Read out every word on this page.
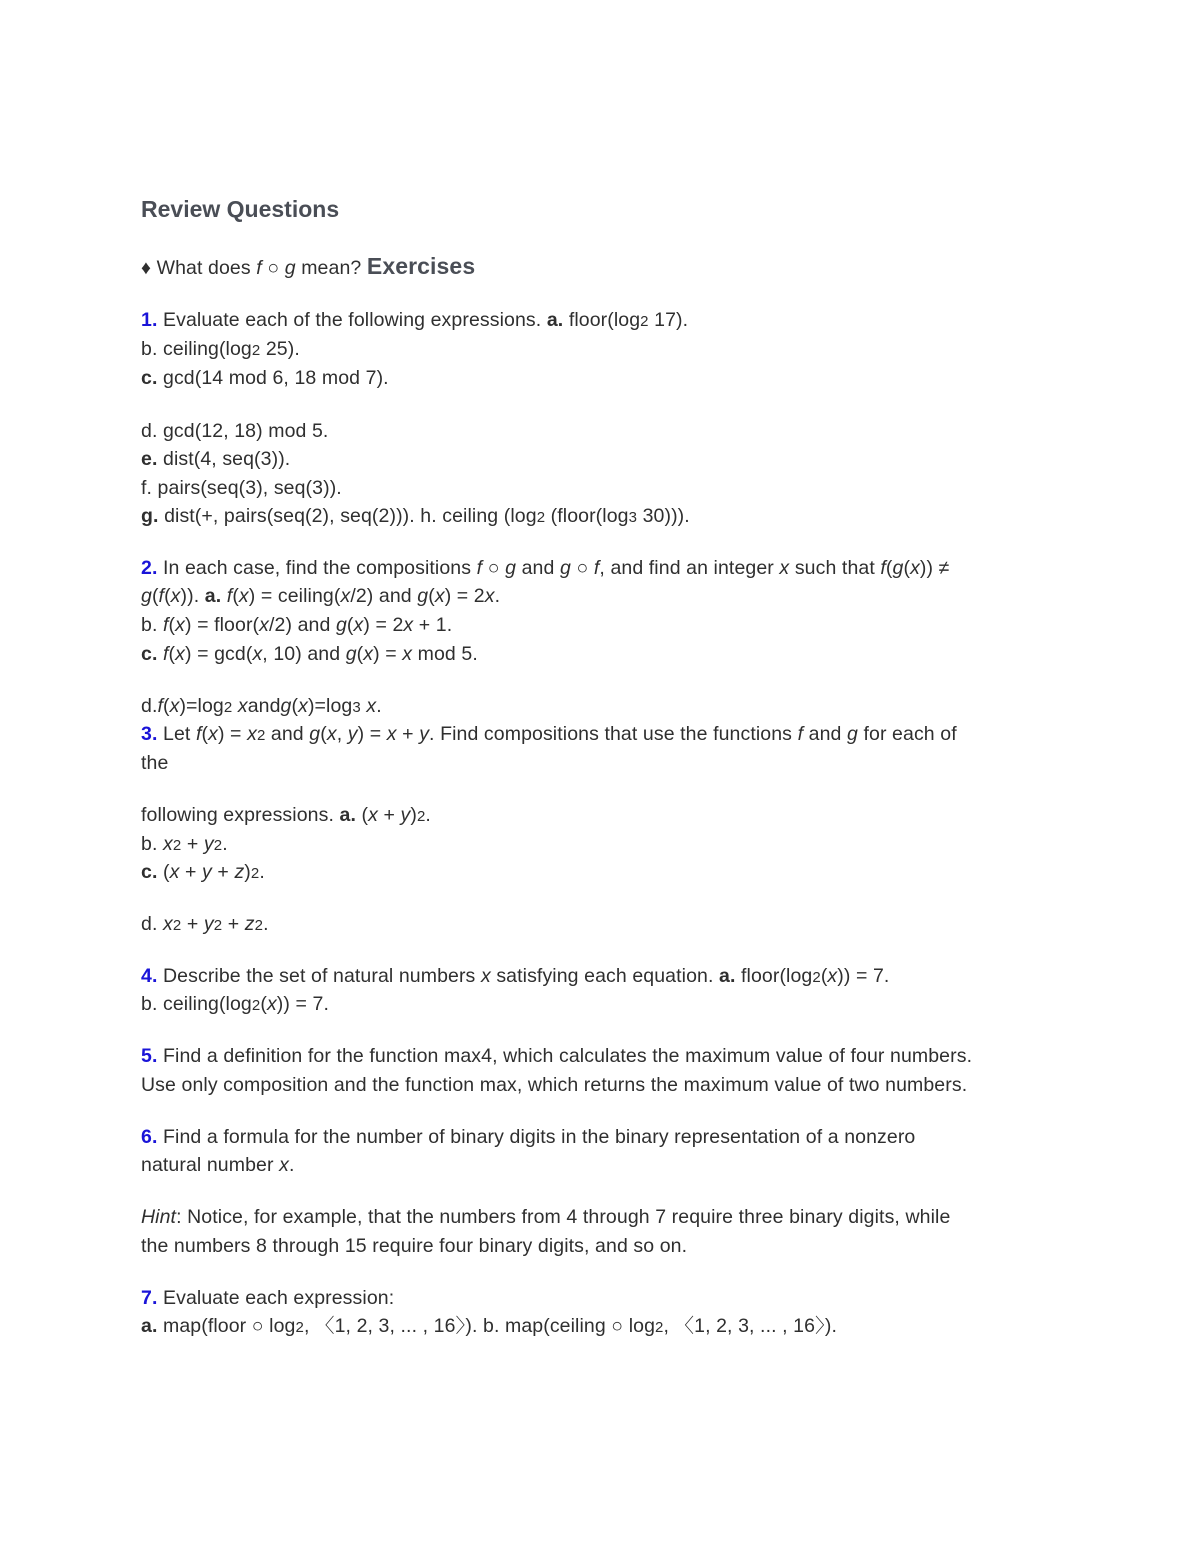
Review Questions

♦ What does f ○ g mean? Exercises

1. Evaluate each of the following expressions. a. floor(log2 17).

b. ceiling(log2 25).

c. gcd(14 mod 6, 18 mod 7).

d. gcd(12, 18) mod 5.

e. dist(4, seq(3)).

f. pairs(seq(3), seq(3)).

g. dist(+, pairs(seq(2), seq(2))). h. ceiling (log2 (floor(log3 30))).

2. In each case, find the compositions f ○ g and g ○ f, and find an integer x such that f(g(x)) ≠

g(f(x)). a. f(x) = ceiling(x/2) and g(x) = 2x.

b. f(x) = floor(x/2) and g(x) = 2x + 1.

c. f(x) = gcd(x, 10) and g(x) = x mod 5.

d.f(x)=log2 xandg(x)=log3 x.

3. Let f(x) = x2 and g(x, y) = x + y. Find compositions that use the functions f and g for each of

the

following expressions. a. (x + y)2.

b. x2 + y2.

c. (x + y + z)2.

d. x2 + y2 + z2.

4. Describe the set of natural numbers x satisfying each equation. a. floor(log2(x)) = 7.

b. ceiling(log2(x)) = 7.

5. Find a definition for the function max4, which calculates the maximum value of four numbers.

Use only composition and the function max, which returns the maximum value of two numbers.

6. Find a formula for the number of binary digits in the binary representation of a nonzero

natural number x.

Hint: Notice, for example, that the numbers from 4 through 7 require three binary digits, while

the numbers 8 through 15 require four binary digits, and so on.

7. Evaluate each expression:

a. map(floor ○ log2, 〈1, 2, 3, ... , 16〉). b. map(ceiling ○ log2, 〈1, 2, 3, ... , 16〉).
